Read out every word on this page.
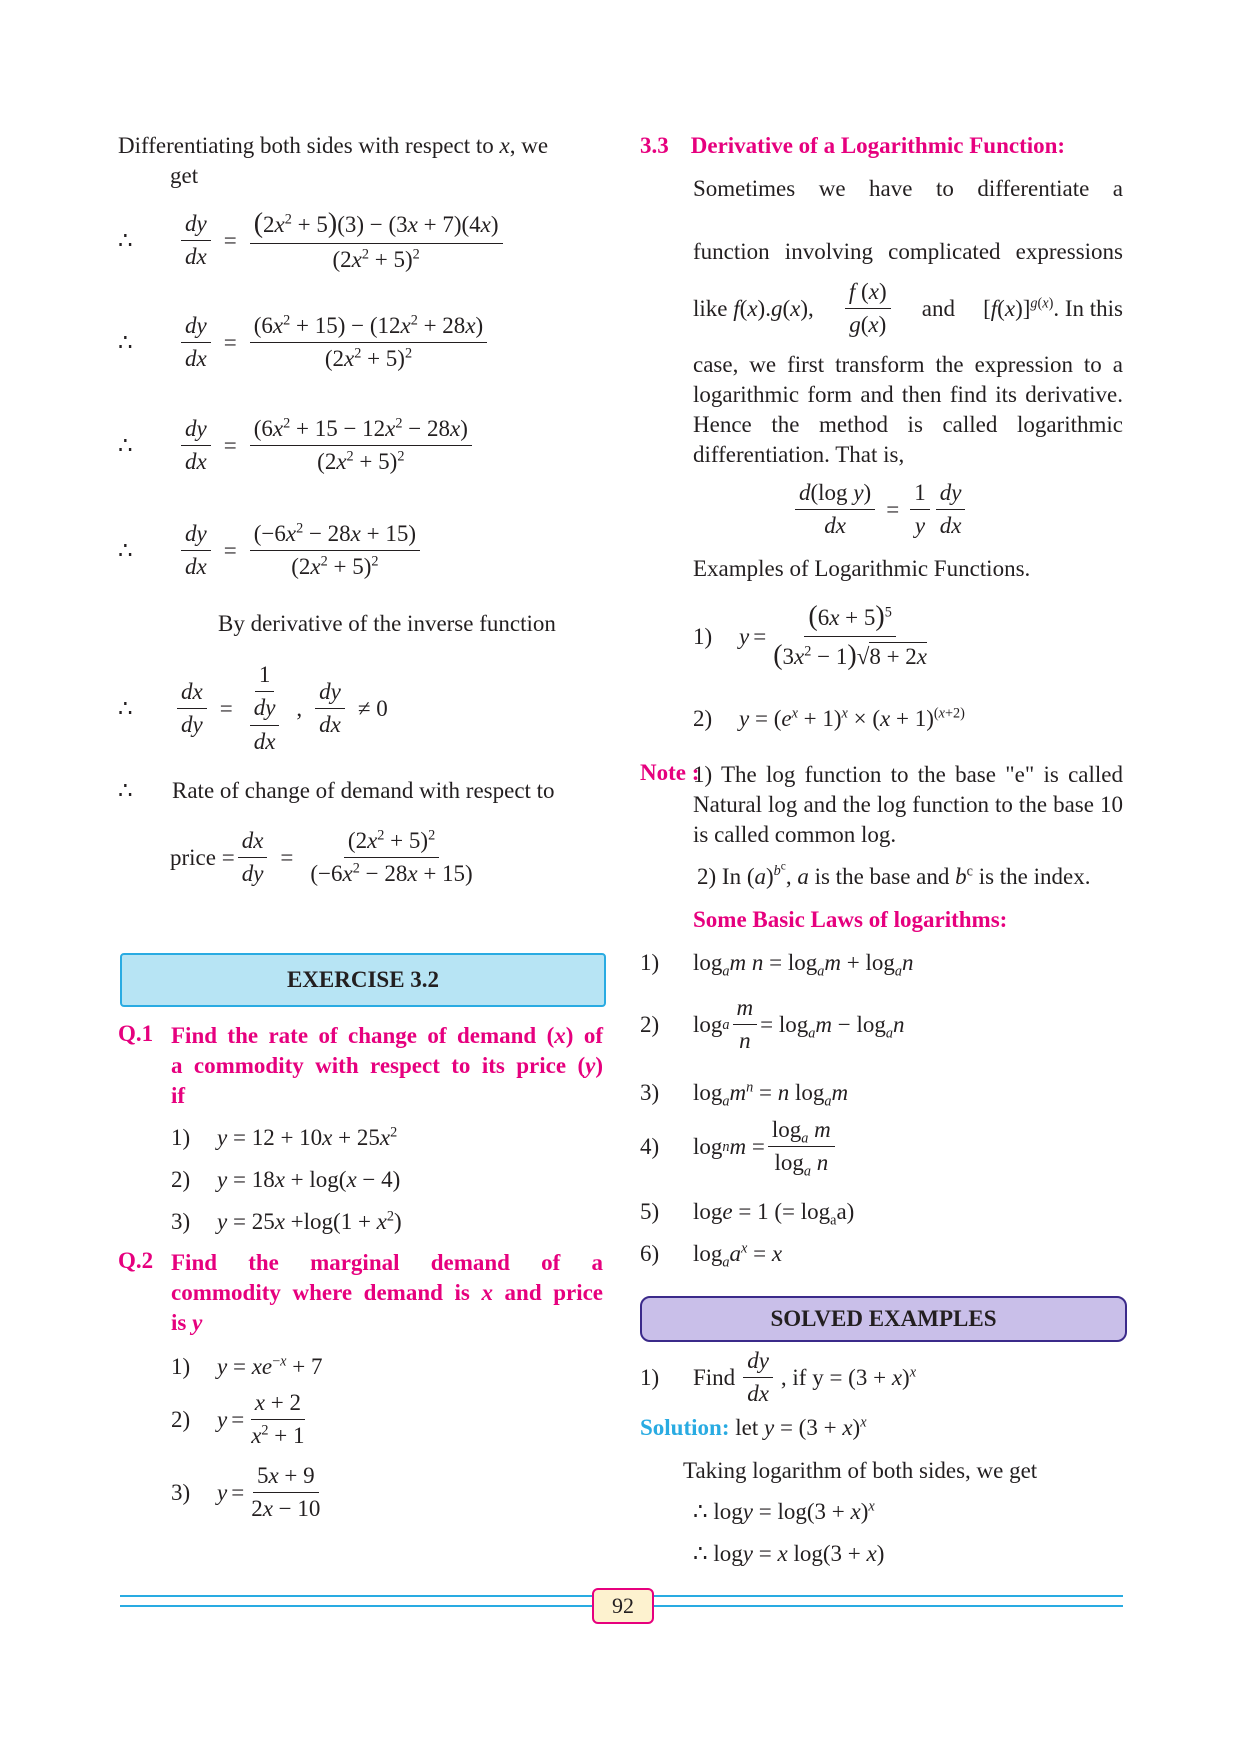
Differentiating both sides with respect to x, we
get
∴	$\frac{dy}{dx} = \frac{(2x^2 + 5)(3) - (3x + 7)(4x)}{(2x^2 + 5)^2}$
∴	$\frac{dy}{dx} = \frac{(6x^2 + 15) - (12x^2 + 28x)}{(2x^2 + 5)^2}$
∴	$\frac{dy}{dx} = \frac{(6x^2 + 15 - 12x^2 - 28x)}{(2x^2 + 5)^2}$
∴	$\frac{dy}{dx} = \frac{(-6x^2 - 28x + 15)}{(2x^2 + 5)^2}$
By derivative of the inverse function
∴	$\frac{dx}{dy} = \frac{1}{\frac{dy}{dx}}$ , $\frac{dy}{dx} \ne 0$
∴ Rate of change of demand with respect to
price = $\frac{dx}{dy} = \frac{(2x^2 + 5)^2}{(-6x^2 - 28x + 15)}$
EXERCISE 3.2
Q.1 Find the rate of change of demand (x) of
a commodity with respect to its price (y)
if
1) $y = 12 + 10x + 25x^2$
2) y = 18x + log(x − 4)
3) $y = 25x +\log(1 + x^2)$
Q.2 Find the marginal demand of a
commodity where demand is x and price
is y
1) $y = xe^{-x} + 7$
2)	$y = \frac{x + 2}{x^2 + 1}$
3)	$y = \frac{5x + 9}{2x - 10}$
3.3 Derivative of a Logarithmic Function:
Sometimes we have to differentiate a
function involving complicated expressions
like f(x).g(x), $\frac{f (x)}{g(x)}$ and $[f(x)]^{g(x)}$. In this
case, we first transform the expression to a logarithmic form and then find its derivative. Hence the method is called logarithmic differentiation. That is,
$\frac{\text{d(log y)}}{dx} = \frac{1}{y} \frac{dy}{dx}$
Examples of Logarithmic Functions.
1)	$y = \frac{(6x + 5)^5}{(3x^2 - 1)√8 + 2x}$
2) $y = (e^x + 1)^x \times (x + 1)^{(x+2)}$
Note :
1) The log function to the base "e" is called Natural log and the log function to the base 10 is called common log.
2) In $(a)^{b^c}$, a is the base and $b^c$ is the index.
Some Basic Laws of logarithms:
1) $\log_am$ $n = \log_am + \log_an$
2)	log a $\frac{m}{n} = \log_am - \log_an$
3) $\log_am^n = n$ $\log_am$
4)	log n $m = \frac{\log_a m}{\log_a n}$
5) loge = 1 (= $\log_aa$)
6) $\log_aa^x = x$
SOLVED EXAMPLES
1)	Find $\frac{dy}{dx}$ , if $y = (3 + x)^x$
Solution: let $y = (3 + x)^x$
Taking logarithm of both sides, we get
∴ $\log y = \log(3 + x)^x$
∴ logy = x log(3 + x)
92
